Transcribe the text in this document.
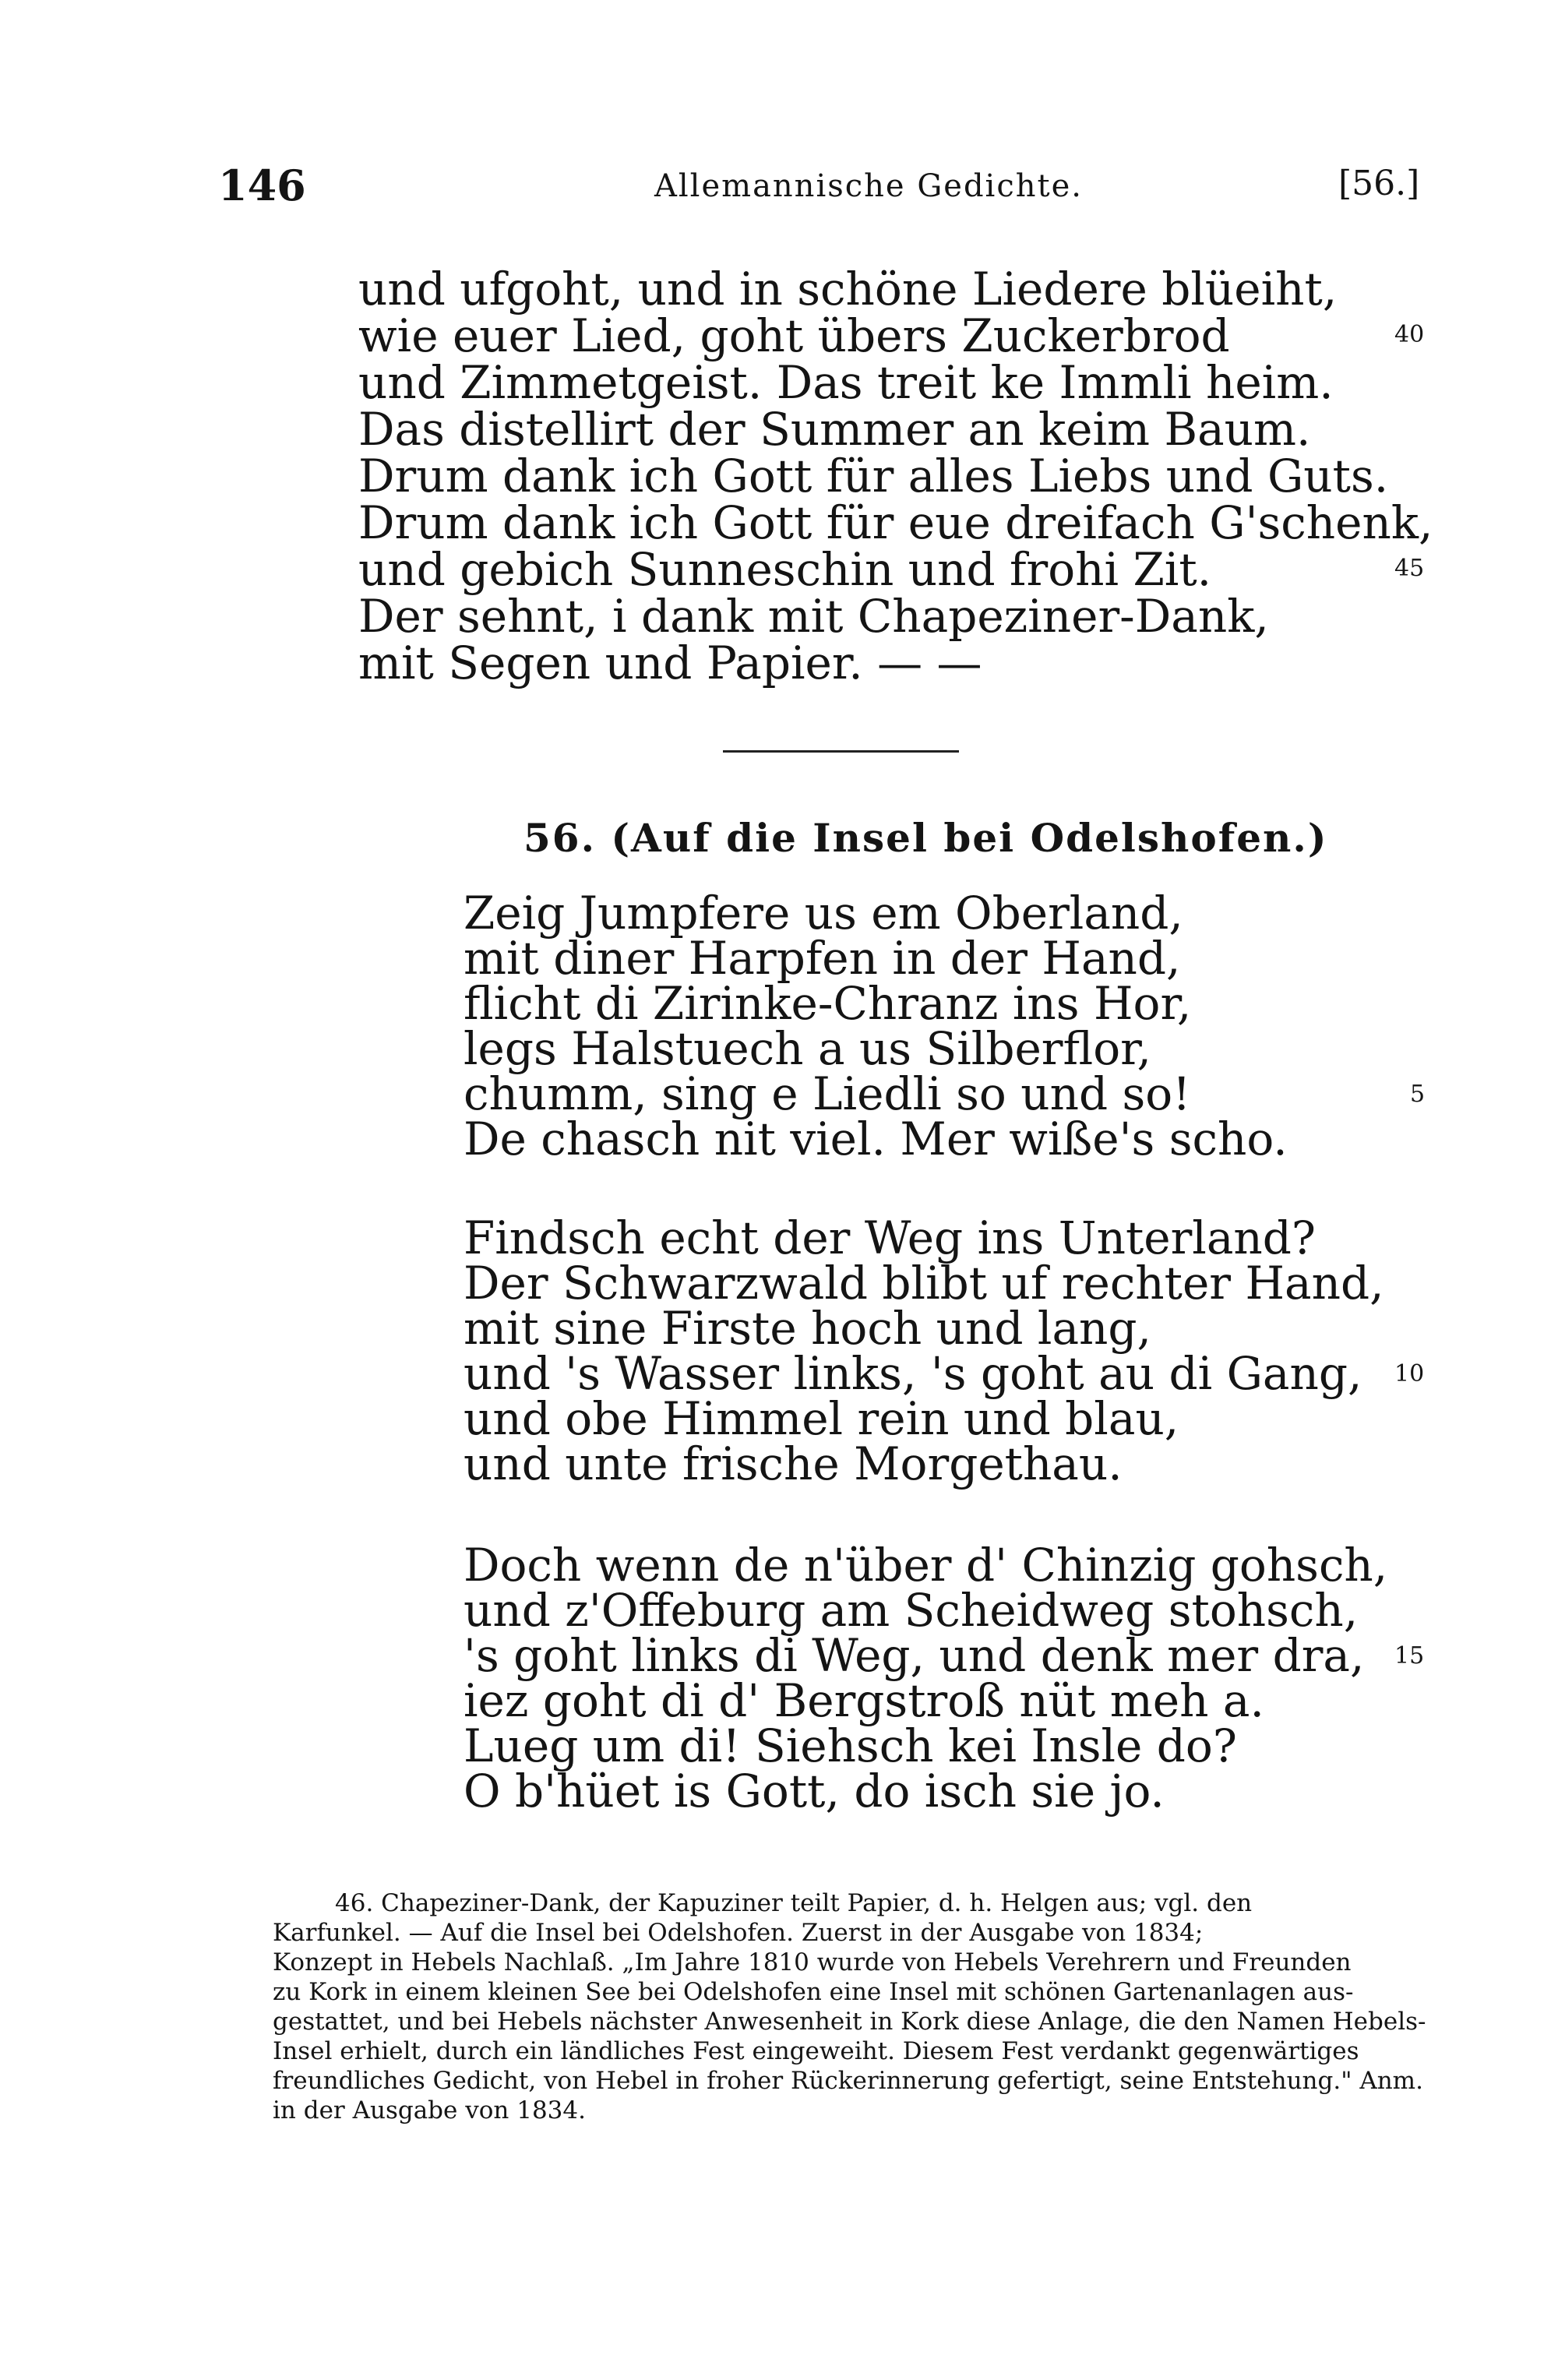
146	Allemannische Gedichte.	[56.]
und ufgoht, und in schöne Liedere blüeiht,
wie euer Lied, goht übers Zuckerbrod
und Zimmetgeist. Das treit ke Immli heim.
Das distellirt der Summer an keim Baum.
Drum dank ich Gott für alles Liebs und Guts.
Drum dank ich Gott für eue dreifach G'schenk,
und gebich Sunneschin und frohi Zit.
Der sehnt, i dank mit Chapeziner-Dank,
mit Segen und Papier. — —
40
45
56. (Auf die Insel bei Odelshofen.)
Zeig Jumpfere us em Oberland,
mit diner Harpfen in der Hand,
flicht di Zirinke-Chranz ins Hor,
legs Halstuech a us Silberflor,
chumm, sing e Liedli so und so!
De chasch nit viel. Mer wiße's scho.
5
Findsch echt der Weg ins Unterland?
Der Schwarzwald blibt uf rechter Hand,
mit sine Firste hoch und lang,
und 's Wasser links, 's goht au di Gang,
und obe Himmel rein und blau,
und unte frische Morgethau.
10
Doch wenn de n'über d' Chinzig gohsch,
und z'Offeburg am Scheidweg stohsch,
's goht links di Weg, und denk mer dra,
iez goht di d' Bergstroß nüt meh a.
Lueg um di! Siehsch kei Insle do?
O b'hüet is Gott, do isch sie jo.
15
46. Chapeziner-Dank, der Kapuziner teilt Papier, d. h. Helgen aus; vgl. den
Karfunkel. — Auf die Insel bei Odelshofen. Zuerst in der Ausgabe von 1834;
Konzept in Hebels Nachlaß. „Im Jahre 1810 wurde von Hebels Verehrern und Freunden
zu Kork in einem kleinen See bei Odelshofen eine Insel mit schönen Gartenanlagen aus-
gestattet, und bei Hebels nächster Anwesenheit in Kork diese Anlage, die den Namen Hebels-
Insel erhielt, durch ein ländliches Fest eingeweiht. Diesem Fest verdankt gegenwärtiges
freundliches Gedicht, von Hebel in froher Rückerinnerung gefertigt, seine Entstehung." Anm.
in der Ausgabe von 1834.
